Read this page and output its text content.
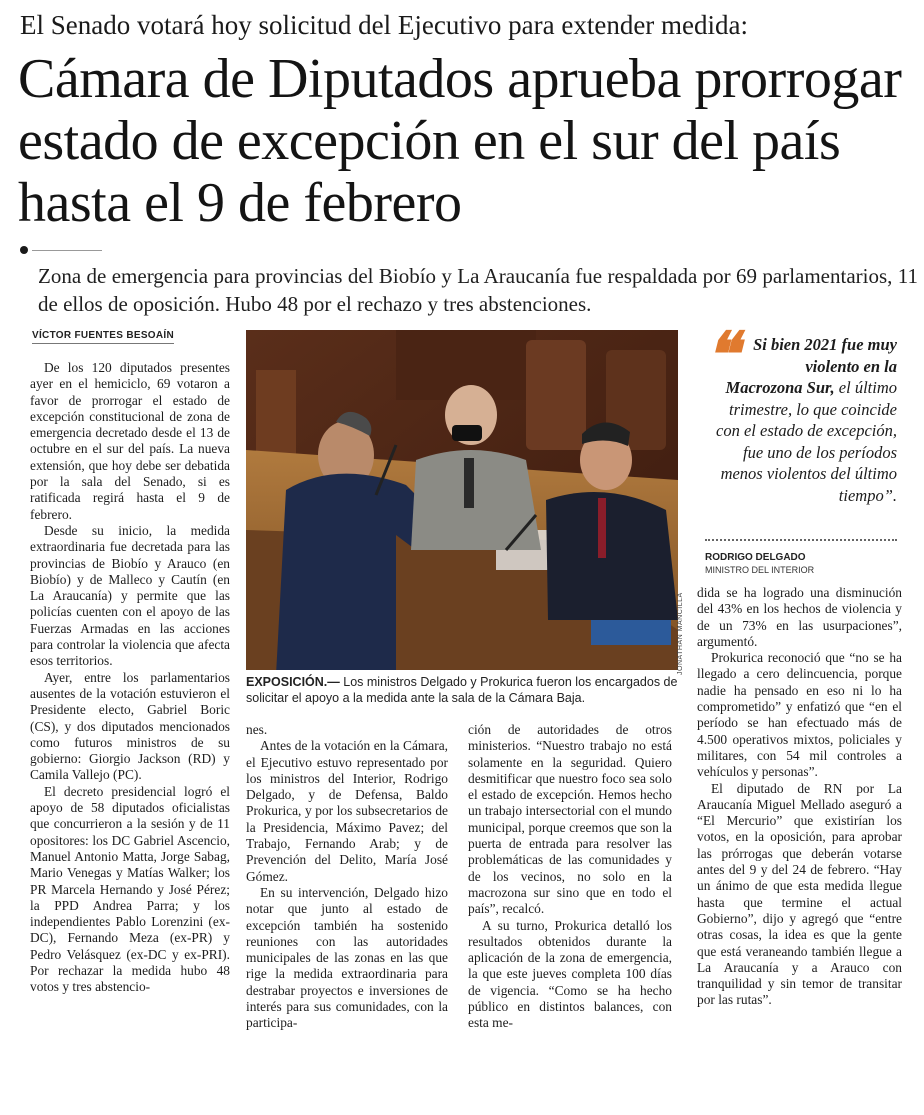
El Senado votará hoy solicitud del Ejecutivo para extender medida:
Cámara de Diputados aprueba prorrogar estado de excepción en el sur del país hasta el 9 de febrero
Zona de emergencia para provincias del Biobío y La Araucanía fue respaldada por 69 parlamentarios, 11 de ellos de oposición. Hubo 48 por el rechazo y tres abstenciones.
VÍCTOR FUENTES BESOAÍN

De los 120 diputados presentes ayer en el hemiciclo, 69 votaron a favor de prorrogar el estado de excepción constitucional de zona de emergencia decretado desde el 13 de octubre en el sur del país. La nueva extensión, que hoy debe ser debatida por la sala del Senado, si es ratificada regirá hasta el 9 de febrero.

Desde su inicio, la medida extraordinaria fue decretada para las provincias de Biobío y Arauco (en Biobío) y de Malleco y Cautín (en La Araucanía) y permite que las policías cuenten con el apoyo de las Fuerzas Armadas en las acciones para controlar la violencia que afecta esos territorios.

Ayer, entre los parlamentarios ausentes de la votación estuvieron el Presidente electo, Gabriel Boric (CS), y dos diputados mencionados como futuros ministros de su gobierno: Giorgio Jackson (RD) y Camila Vallejo (PC).

El decreto presidencial logró el apoyo de 58 diputados oficialistas que concurrieron a la sesión y de 11 opositores: los DC Gabriel Ascencio, Manuel Antonio Matta, Jorge Sabag, Mario Venegas y Matías Walker; los PR Marcela Hernando y José Pérez; la PPD Andrea Parra; y los independientes Pablo Lorenzini (ex-DC), Fernando Meza (ex-PR) y Pedro Velásquez (ex-DC y ex-PRI). Por rechazar la medida hubo 48 votos y tres abstencio-

nes.

Antes de la votación en la Cámara, el Ejecutivo estuvo representado por los ministros del Interior, Rodrigo Delgado, y de Defensa, Baldo Prokurica, y por los subsecretarios de la Presidencia, Máximo Pavez; del Trabajo, Fernando Arab; y de Prevención del Delito, María José Gómez.

En su intervención, Delgado hizo notar que junto al estado de excepción también ha sostenido reuniones con las autoridades municipales de las zonas en las que rige la medida extraordinaria para destrabar proyectos e inversiones de interés para sus comunidades, con la participa-

ción de autoridades de otros ministerios. “Nuestro trabajo no está solamente en la seguridad. Quiero desmitificar que nuestro foco sea solo el estado de excepción. Hemos hecho un trabajo intersectorial con el mundo municipal, porque creemos que son la puerta de entrada para resolver las problemáticas de las comunidades y de los vecinos, no solo en la macrozona sur sino que en todo el país”, recalcó.

A su turno, Prokurica detalló los resultados obtenidos durante la aplicación de la zona de emergencia, la que este jueves completa 100 días de vigencia. “Como se ha hecho público en distintos balances, con esta me-

dida se ha logrado una disminución del 43% en los hechos de violencia y de un 73% en las usurpaciones”, argumentó.

Prokurica reconoció que “no se ha llegado a cero delincuencia, porque nadie ha pensado en eso ni lo ha comprometido” y enfatizó que “en el período se han efectuado más de 4.500 operativos mixtos, policiales y militares, con 54 mil controles a vehículos y personas”.

El diputado de RN por La Araucanía Miguel Mellado aseguró a “El Mercurio” que existirían los votos, en la oposición, para aprobar las prórrogas que deberán votarse antes del 9 y del 24 de febrero. “Hay un ánimo de que esta medida llegue hasta que termine el actual Gobierno”, dijo y agregó que “entre otras cosas, la idea es que la gente que está veraneando también llegue a La Araucanía y a Arauco con tranquilidad y sin temor de transitar por las rutas”.

JONATHAN MANCILLA
EXPOSICIÓN.— Los ministros Delgado y Prokurica fueron los encargados de solicitar el apoyo a la medida ante la sala de la Cámara Baja.
❝ Si bien 2021 fue muy violento en la Macrozona Sur, el último trimestre, lo que coincide con el estado de excepción, fue uno de los períodos menos violentos del último tiempo”.
RODRIGO DELGADO
MINISTRO DEL INTERIOR
